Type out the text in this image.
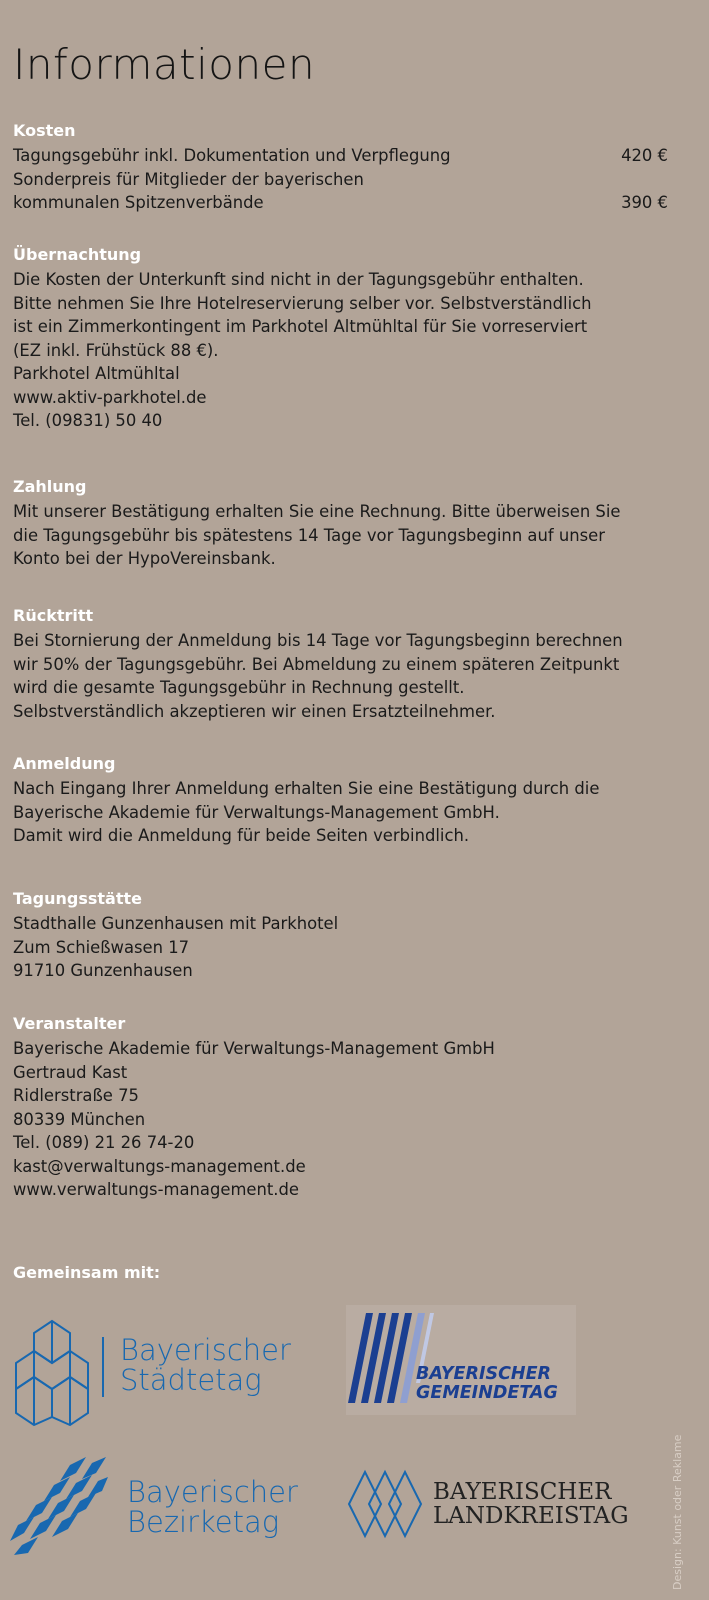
Informationen
Kosten
Tagungsgebühr inkl. Dokumentation und Verpflegung	420 €
Sonderpreis für Mitglieder der bayerischen
kommunalen Spitzenverbände	390 €
Übernachtung
Die Kosten der Unterkunft sind nicht in der Tagungsgebühr enthalten.
Bitte nehmen Sie Ihre Hotelreservierung selber vor. Selbstverständlich
ist ein Zimmerkontingent im Parkhotel Altmühltal für Sie vorreserviert
(EZ inkl. Frühstück 88 €).
Parkhotel Altmühltal
www.aktiv-parkhotel.de
Tel. (09831) 50 40
Zahlung
Mit unserer Bestätigung erhalten Sie eine Rechnung. Bitte überweisen Sie
die Tagungsgebühr bis spätestens 14 Tage vor Tagungsbeginn auf unser
Konto bei der HypoVereinsbank.
Rücktritt
Bei Stornierung der Anmeldung bis 14 Tage vor Tagungsbeginn berechnen
wir 50% der Tagungsgebühr. Bei Abmeldung zu einem späteren Zeitpunkt
wird die gesamte Tagungsgebühr in Rechnung gestellt.
Selbstverständlich akzeptieren wir einen Ersatzteilnehmer.
Anmeldung
Nach Eingang Ihrer Anmeldung erhalten Sie eine Bestätigung durch die
Bayerische Akademie für Verwaltungs-Management GmbH.
Damit wird die Anmeldung für beide Seiten verbindlich.
Tagungsstätte
Stadthalle Gunzenhausen mit Parkhotel
Zum Schießwasen 17
91710 Gunzenhausen
Veranstalter
Bayerische Akademie für Verwaltungs-Management GmbH
Gertraud Kast
Ridlerstraße 75
80339 München
Tel. (089) 21 26 74-20
kast@verwaltungs-management.de
www.verwaltungs-management.de
Gemeinsam mit:
Bayerischer
Städtetag	BAYERISCHER
GEMEINDETAG
Bayerischer
Bezirketag
BAYERISCHER
LANDKREISTAG	Design: Kunst oder Reklame
